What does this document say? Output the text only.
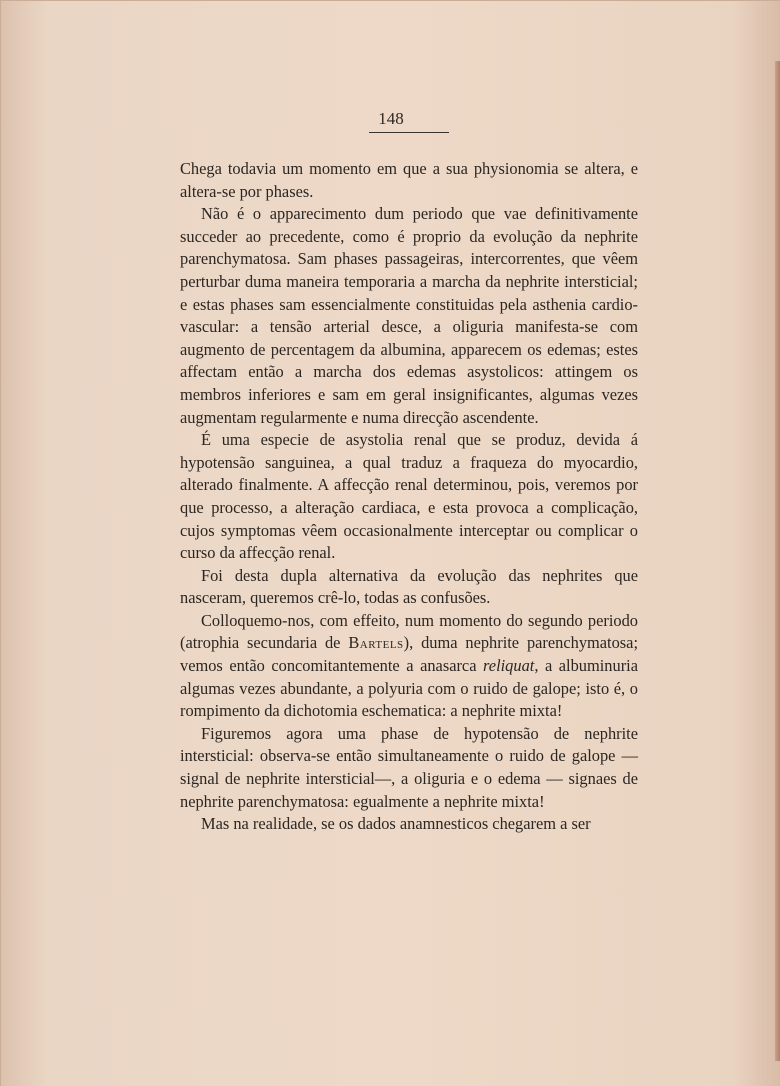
148

Chega todavia um momento em que a sua physionomia se altera, e altera-se por phases.

Não é o apparecimento dum periodo que vae definitivamente succeder ao precedente, como é proprio da evolução da nephrite parenchymatosa. Sam phases passageiras, intercorrentes, que vêem perturbar duma maneira temporaria a marcha da nephrite intersticial; e estas phases sam essencialmente constituidas pela asthenia cardio-vascular: a tensão arterial desce, a oliguria manifesta-se com augmento de percentagem da albumina, apparecem os edemas; estes affectam então a marcha dos edemas asystolicos: attingem os membros inferiores e sam em geral insignificantes, algumas vezes augmentam regularmente e numa direcção ascendente.

É uma especie de asystolia renal que se produz, devida á hypotensão sanguinea, a qual traduz a fraqueza do myocardio, alterado finalmente. A affecção renal determinou, pois, veremos por que processo, a alteração cardiaca, e esta provoca a complicação, cujos symptomas vêem occasionalmente interceptar ou complicar o curso da affecção renal.

Foi desta dupla alternativa da evolução das nephrites que nasceram, queremos crê-lo, todas as confusões.

Colloquemo-nos, com effeito, num momento do segundo periodo (atrophia secundaria de Bartels), duma nephrite parenchymatosa; vemos então concomitantemente a anasarca reliquat, a albuminuria algumas vezes abundante, a polyuria com o ruido de galope; isto é, o rompimento da dichotomia eschematica: a nephrite mixta!

Figuremos agora uma phase de hypotensão de nephrite intersticial: observa-se então simultaneamente o ruido de galope — signal de nephrite intersticial—, a oliguria e o edema — signaes de nephrite parenchymatosa: egualmente a nephrite mixta!

Mas na realidade, se os dados anamnesticos chegarem a ser
